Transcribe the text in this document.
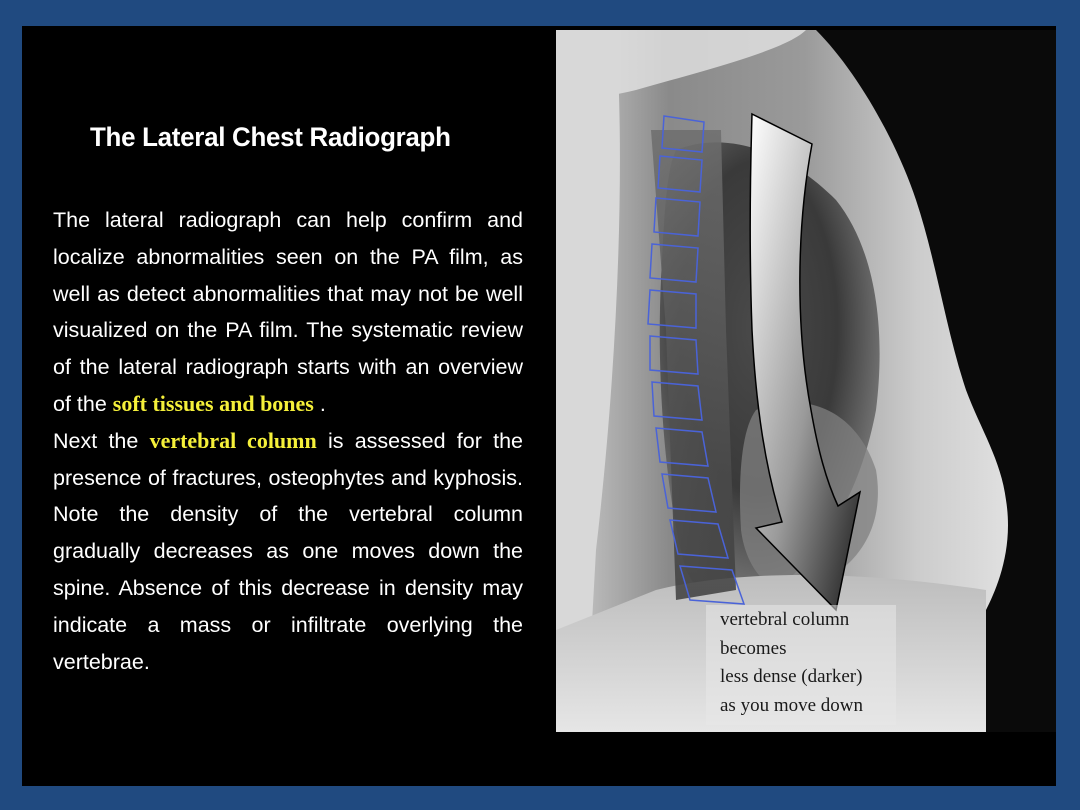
The Lateral Chest Radiograph

The lateral radiograph can help confirm and localize abnormalities seen on the PA film, as well as detect abnormalities that may not be well visualized on the PA film. The systematic review of the lateral radiograph starts with an overview of the soft tissues and bones .

Next the vertebral column is assessed for the presence of fractures, osteophytes and kyphosis. Note the density of the vertebral column gradually decreases as one moves down the spine. Absence of this decrease in density may indicate a mass or infiltrate overlying the vertebrae.

vertebral column
becomes
less dense (darker)
as you move down
